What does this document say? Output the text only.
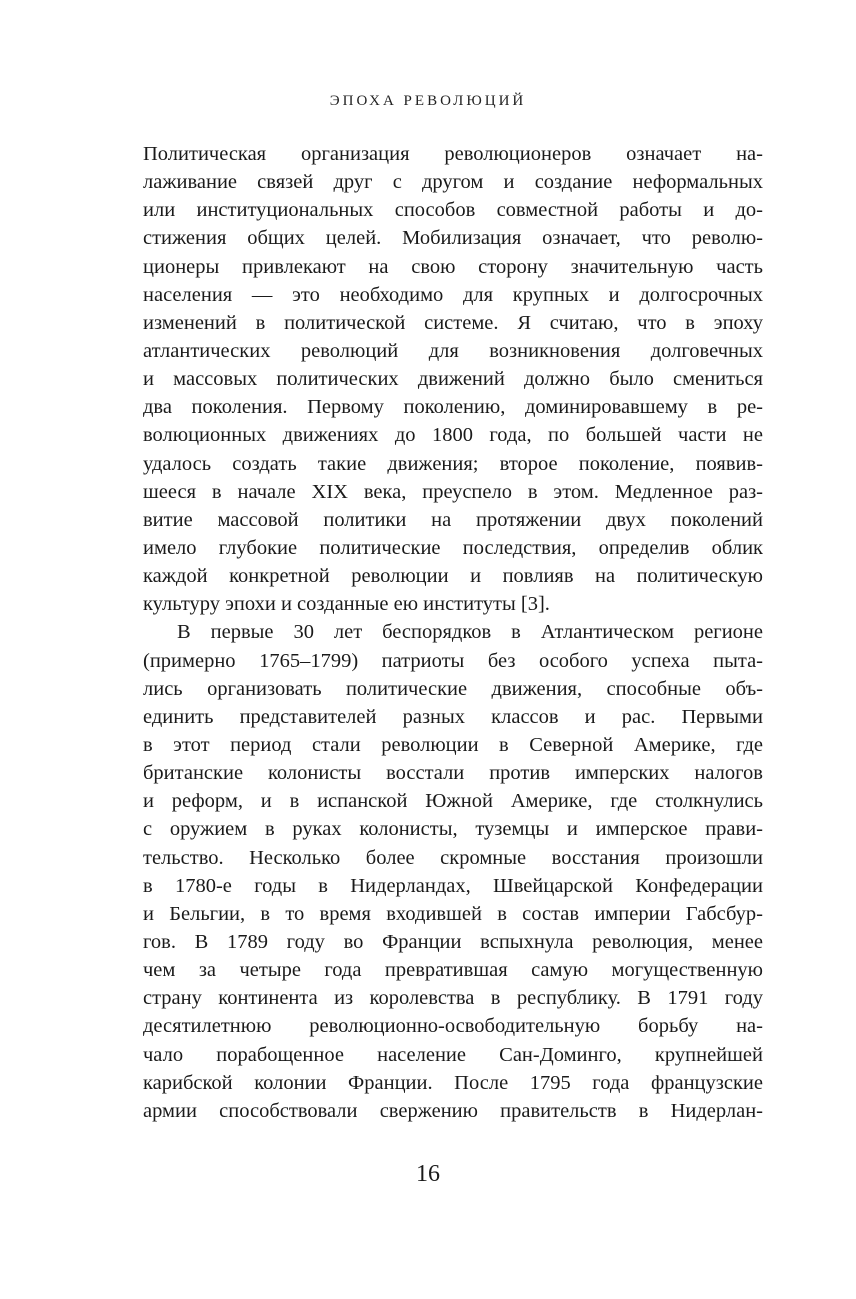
ЭПОХА РЕВОЛЮЦИЙ
Политическая организация революционеров означает на-
лаживание связей друг с другом и создание неформальных
или институциональных способов совместной работы и до-
стижения общих целей. Мобилизация означает, что револю-
ционеры привлекают на свою сторону значительную часть
населения — это необходимо для крупных и долгосрочных
изменений в политической системе. Я считаю, что в эпоху
атлантических революций для возникновения долговечных
и массовых политических движений должно было смениться
два поколения. Первому поколению, доминировавшему в ре-
волюционных движениях до 1800 года, по большей части не
удалось создать такие движения; второе поколение, появив-
шееся в начале XIX века, преуспело в этом. Медленное раз-
витие массовой политики на протяжении двух поколений
имело глубокие политические последствия, определив облик
каждой конкретной революции и повлияв на политическую
культуру эпохи и созданные ею институты [3].
В первые 30 лет беспорядков в Атлантическом регионе
(примерно 1765–1799) патриоты без особого успеха пыта-
лись организовать политические движения, способные объ-
единить представителей разных классов и рас. Первыми
в этот период стали революции в Северной Америке, где
британские колонисты восстали против имперских налогов
и реформ, и в испанской Южной Америке, где столкнулись
с оружием в руках колонисты, туземцы и имперское прави-
тельство. Несколько более скромные восстания произошли
в 1780-е годы в Нидерландах, Швейцарской Конфедерации
и Бельгии, в то время входившей в состав империи Габсбур-
гов. В 1789 году во Франции вспыхнула революция, менее
чем за четыре года превратившая самую могущественную
страну континента из королевства в республику. В 1791 году
десятилетнюю революционно-освободительную борьбу на-
чало порабощенное население Сан-Доминго, крупнейшей
карибской колонии Франции. После 1795 года французские
армии способствовали свержению правительств в Нидерлан-
16
